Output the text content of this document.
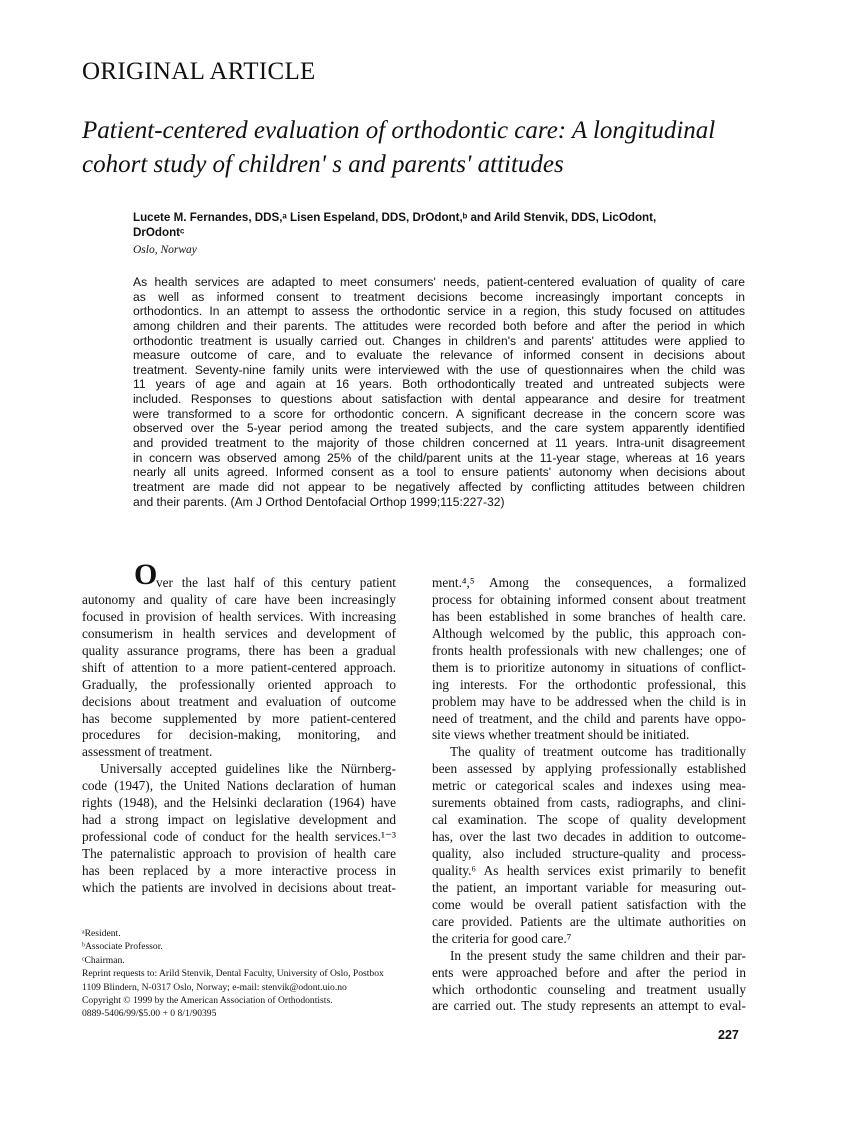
ORIGINAL ARTICLE
Patient-centered evaluation of orthodontic care: A longitudinal
cohort study of children' s and parents' attitudes
Lucete M. Fernandes, DDS,ᵃ Lisen Espeland, DDS, DrOdont,ᵇ and Arild Stenvik, DDS, LicOdont,
DrOdontᶜ
Oslo, Norway
As health services are adapted to meet consumers' needs, patient-centered evaluation of quality of care
as well as informed consent to treatment decisions become increasingly important concepts in
orthodontics. In an attempt to assess the orthodontic service in a region, this study focused on attitudes
among children and their parents. The attitudes were recorded both before and after the period in which
orthodontic treatment is usually carried out. Changes in children's and parents' attitudes were applied to
measure outcome of care, and to evaluate the relevance of informed consent in decisions about
treatment. Seventy-nine family units were interviewed with the use of questionnaires when the child was
11 years of age and again at 16 years. Both orthodontically treated and untreated subjects were
included. Responses to questions about satisfaction with dental appearance and desire for treatment
were transformed to a score for orthodontic concern. A significant decrease in the concern score was
observed over the 5-year period among the treated subjects, and the care system apparently identified
and provided treatment to the majority of those children concerned at 11 years. Intra-unit disagreement
in concern was observed among 25% of the child/parent units at the 11-year stage, whereas at 16 years
nearly all units agreed. Informed consent as a tool to ensure patients' autonomy when decisions about
treatment are made did not appear to be negatively affected by conflicting attitudes between children
and their parents. (Am J Orthod Dentofacial Orthop 1999;115:227-32)
O
ver the last half of this century patient
autonomy and quality of care have been increasingly
focused in provision of health services. With increasing
consumerism in health services and development of
quality assurance programs, there has been a gradual
shift of attention to a more patient-centered approach.
Gradually, the professionally oriented approach to
decisions about treatment and evaluation of outcome
has become supplemented by more patient-centered
procedures for decision-making, monitoring, and
assessment of treatment.
Universally accepted guidelines like the Nürnberg-
code (1947), the United Nations declaration of human
rights (1948), and the Helsinki declaration (1964) have
had a strong impact on legislative development and
professional code of conduct for the health services.¹⁻³
The paternalistic approach to provision of health care
has been replaced by a more interactive process in
which the patients are involved in decisions about treat-
ment.⁴,⁵ Among the consequences, a formalized
process for obtaining informed consent about treatment
has been established in some branches of health care.
Although welcomed by the public, this approach con-
fronts health professionals with new challenges; one of
them is to prioritize autonomy in situations of conflict-
ing interests. For the orthodontic professional, this
problem may have to be addressed when the child is in
need of treatment, and the child and parents have oppo-
site views whether treatment should be initiated.
The quality of treatment outcome has traditionally
been assessed by applying professionally established
metric or categorical scales and indexes using mea-
surements obtained from casts, radiographs, and clini-
cal examination. The scope of quality development
has, over the last two decades in addition to outcome-
quality, also included structure-quality and process-
quality.⁶ As health services exist primarily to benefit
the patient, an important variable for measuring out-
come would be overall patient satisfaction with the
care provided. Patients are the ultimate authorities on
the criteria for good care.⁷
In the present study the same children and their par-
ents were approached before and after the period in
which orthodontic counseling and treatment usually
are carried out. The study represents an attempt to eval-
ᵃResident.
ᵇAssociate Professor.
ᶜChairman.
Reprint requests to: Arild Stenvik, Dental Faculty, University of Oslo, Postbox
1109 Blindern, N-0317 Oslo, Norway; e-mail: stenvik@odont.uio.no
Copyright © 1999 by the American Association of Orthodontists.
0889-5406/99/$5.00 + 0 8/1/90395
227
